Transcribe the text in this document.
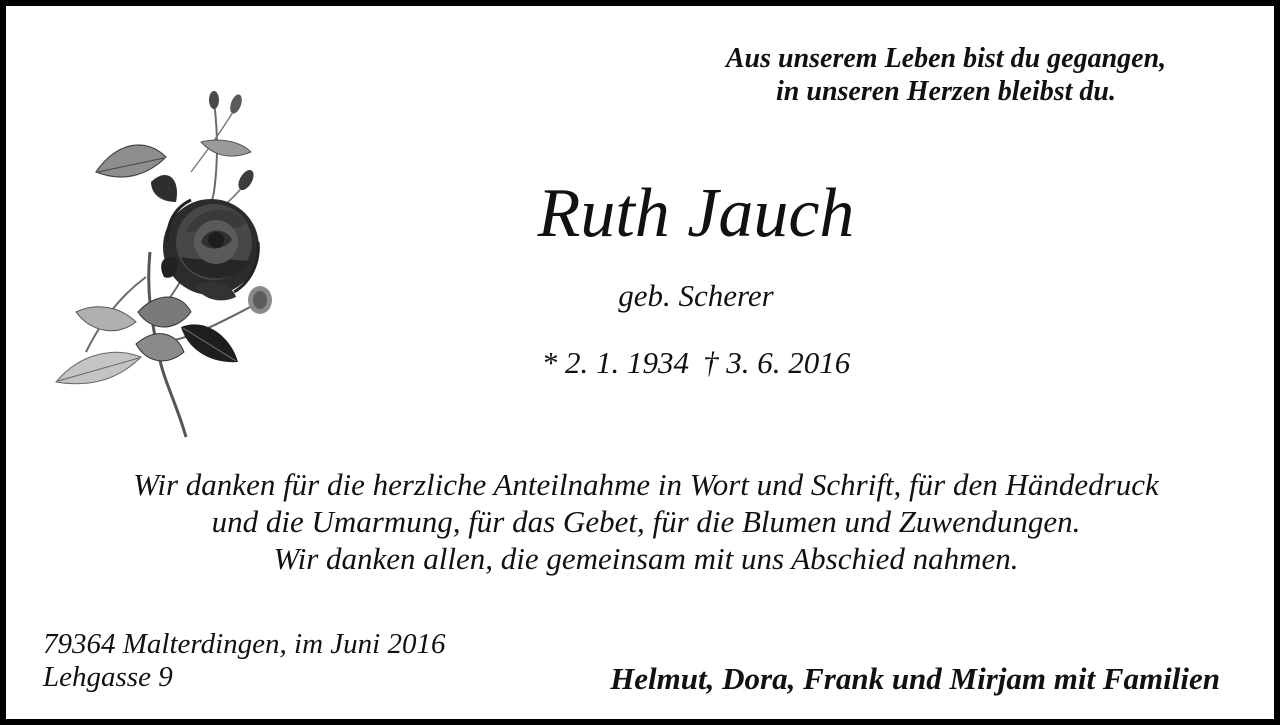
Aus unserem Leben bist du gegangen,
in unseren Herzen bleibst du.
Ruth Jauch
geb. Scherer
* 2. 1. 1934 † 3. 6. 2016
Wir danken für die herzliche Anteilnahme in Wort und Schrift, für den Händedruck
und die Umarmung, für das Gebet, für die Blumen und Zuwendungen.
Wir danken allen, die gemeinsam mit uns Abschied nahmen.
79364 Malterdingen, im Juni 2016
Lehgasse 9	Helmut, Dora, Frank und Mirjam mit Familien
